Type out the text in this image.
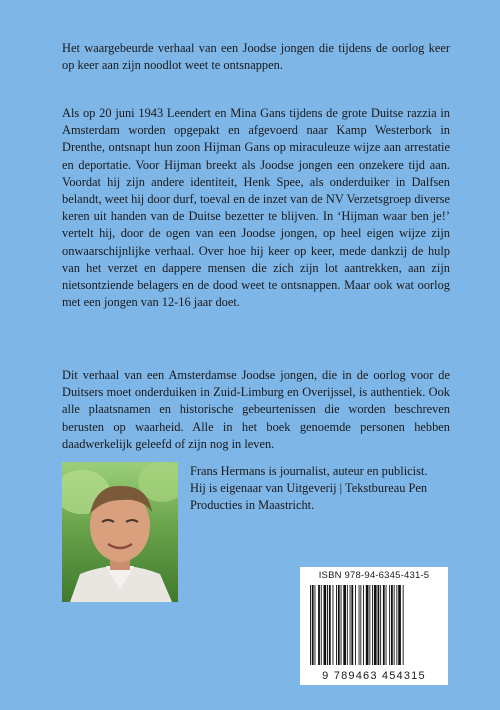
Het waargebeurde verhaal van een Joodse jongen die tijdens de oorlog keer op keer aan zijn noodlot weet te ontsnappen.

Als op 20 juni 1943 Leendert en Mina Gans tijdens de grote Duitse razzia in Amsterdam worden opgepakt en afgevoerd naar Kamp Westerbork in Drenthe, ontsnapt hun zoon Hijman Gans op miraculeuze wijze aan arrestatie en deportatie. Voor Hijman breekt als Joodse jongen een onzekere tijd aan. Voordat hij zijn andere identiteit, Henk Spee, als onderduiker in Dalfsen belandt, weet hij door durf, toeval en de inzet van de NV Verzetsgroep diverse keren uit handen van de Duitse bezetter te blijven. In ‘Hijman waar ben je!’ vertelt hij, door de ogen van een Joodse jongen, op heel eigen wijze zijn onwaarschijnlijke verhaal. Over hoe hij keer op keer, mede dankzij de hulp van het verzet en dappere mensen die zich zijn lot aantrekken, aan zijn nietsontziende belagers en de dood weet te ontsnappen. Maar ook wat oorlog met een jongen van 12-16 jaar doet.

Dit verhaal van een Amsterdamse Joodse jongen, die in de oorlog voor de Duitsers moet onderduiken in Zuid-Limburg en Overijssel, is authentiek. Ook alle plaatsnamen en historische gebeurtenissen die worden beschreven berusten op waarheid. Alle in het boek genoemde personen hebben daadwerkelijk geleefd of zijn nog in leven.

Frans Hermans is journalist, auteur en publicist. Hij is eigenaar van Uitgeverij | Tekstbureau Pen Producties in Maastricht.

ISBN 978-94-6345-431-5
9 789463 454315
